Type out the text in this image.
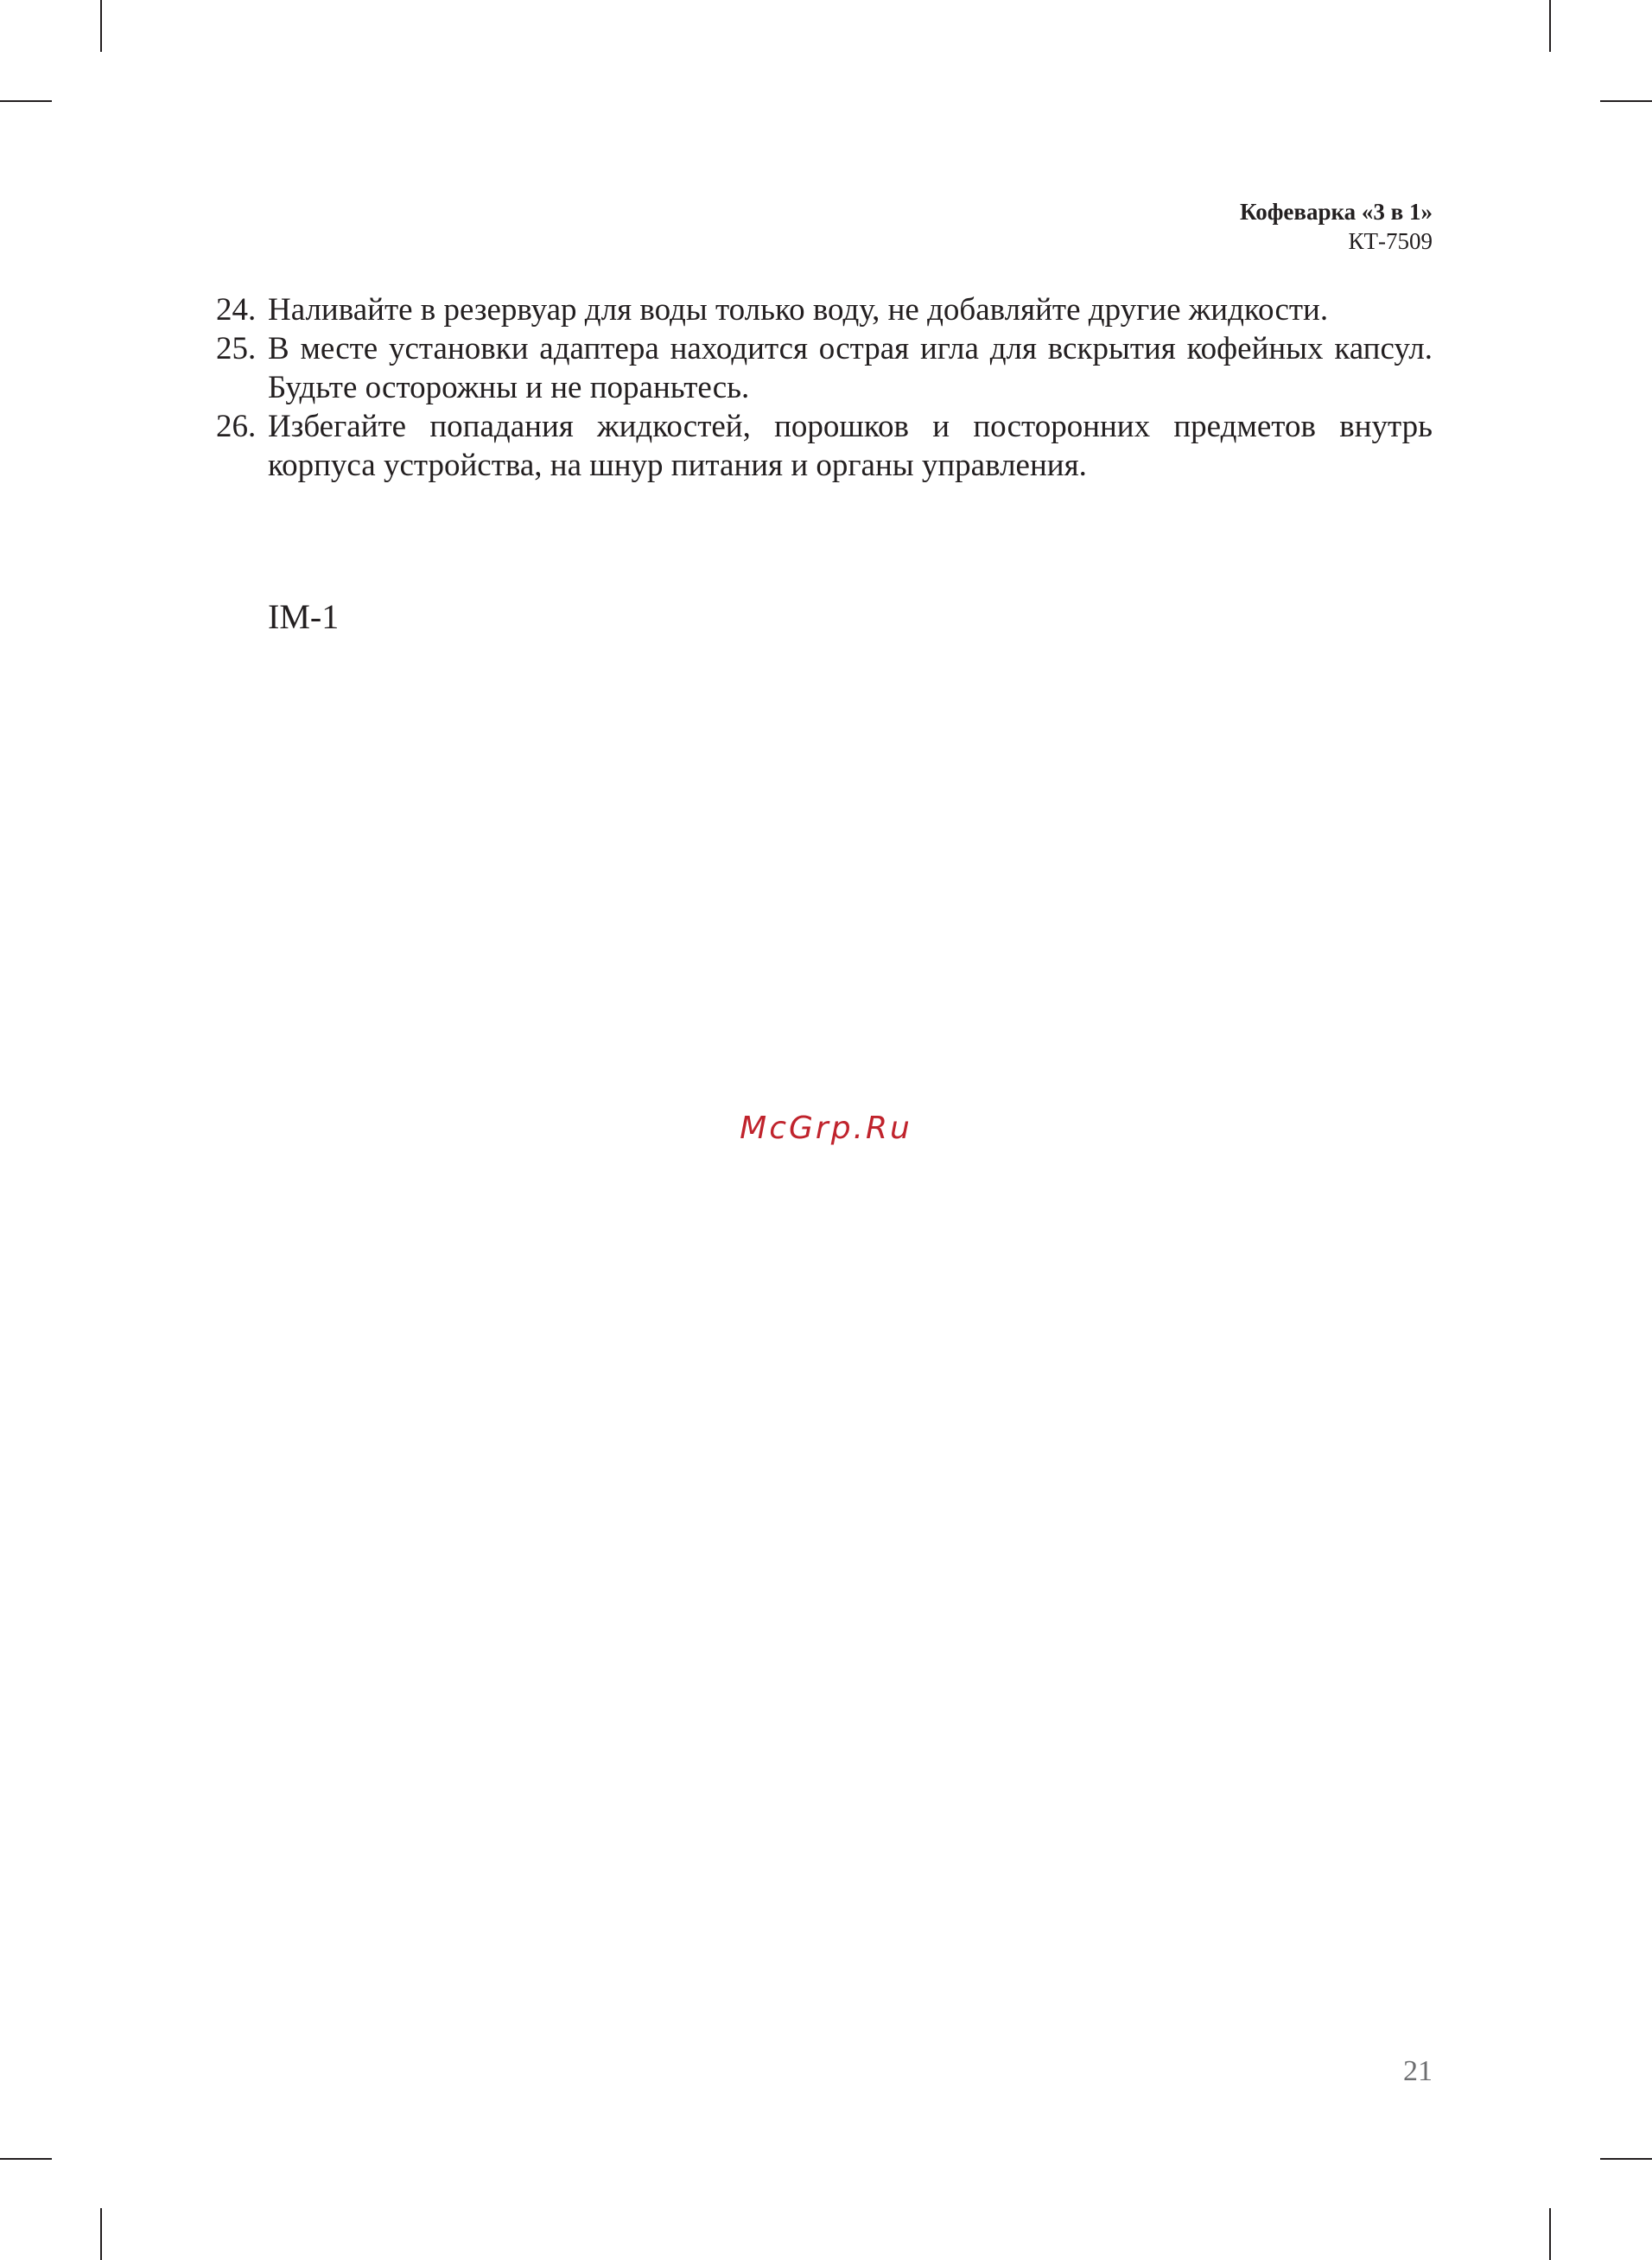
Кофеварка «3 в 1»
КТ-7509
24. Наливайте в резервуар для воды только воду, не добавляйте другие жидкости.
25. В месте установки адаптера находится острая игла для вскрытия кофейных капсул. Будьте осторожны и не пораньтесь.
26. Избегайте попадания жидкостей, порошков и посторонних предметов внутрь корпуса устройства, на шнур питания и органы управления.
IM-1
McGrp.Ru
21
